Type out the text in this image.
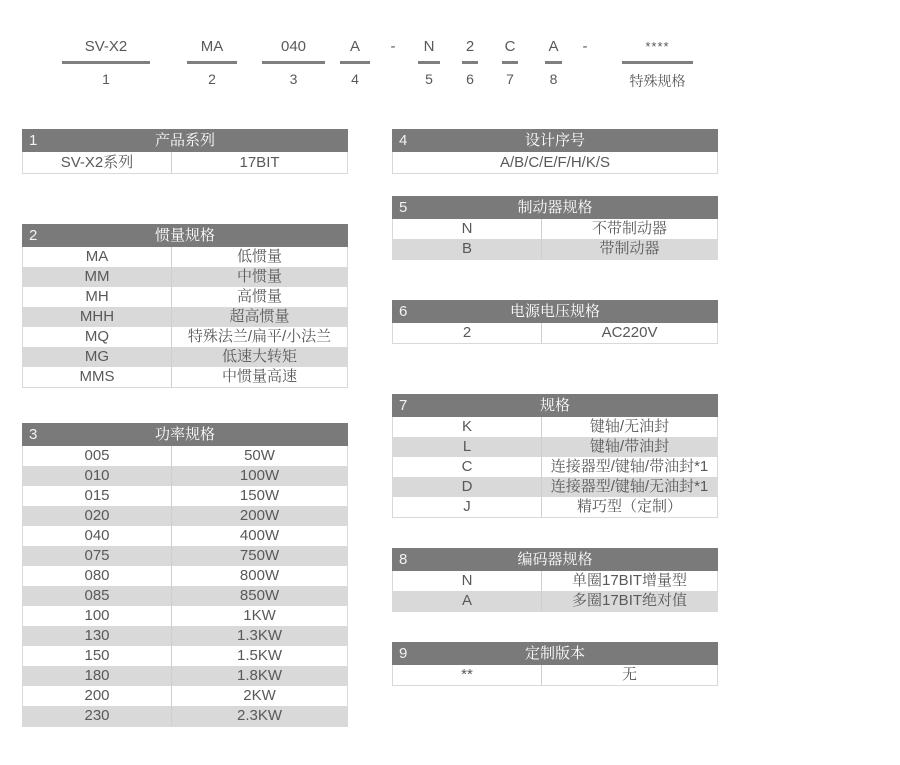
SV-X2
1
MA
2
040
3
A
4
-	N
5
2
6
C
7
A
8
-	****
特殊规格
1	产品系列
SV-X2系列	17BIT
2	惯量规格
MA	低惯量
MM	中惯量
MH	高惯量
MHH	超高惯量
MQ	特殊法兰/扁平/小法兰
MG	低速大转矩
MMS	中惯量高速
3	功率规格
005	50W
010	100W
015	150W
020	200W
040	400W
075	750W
080	800W
085	850W
100	1KW
130	1.3KW
150	1.5KW
180	1.8KW
200	2KW
230	2.3KW
4	设计序号
A/B/C/E/F/H/K/S
5	制动器规格
N	不带制动器
B	带制动器
6	电源电压规格
2	AC220V
7	规格
K	键轴/无油封
L	键轴/带油封
C	连接器型/键轴/带油封*1
D	连接器型/键轴/无油封*1
J	精巧型（定制）
8	编码器规格
N	单圈17BIT增量型
A	多圈17BIT绝对值
9	定制版本
**	无
